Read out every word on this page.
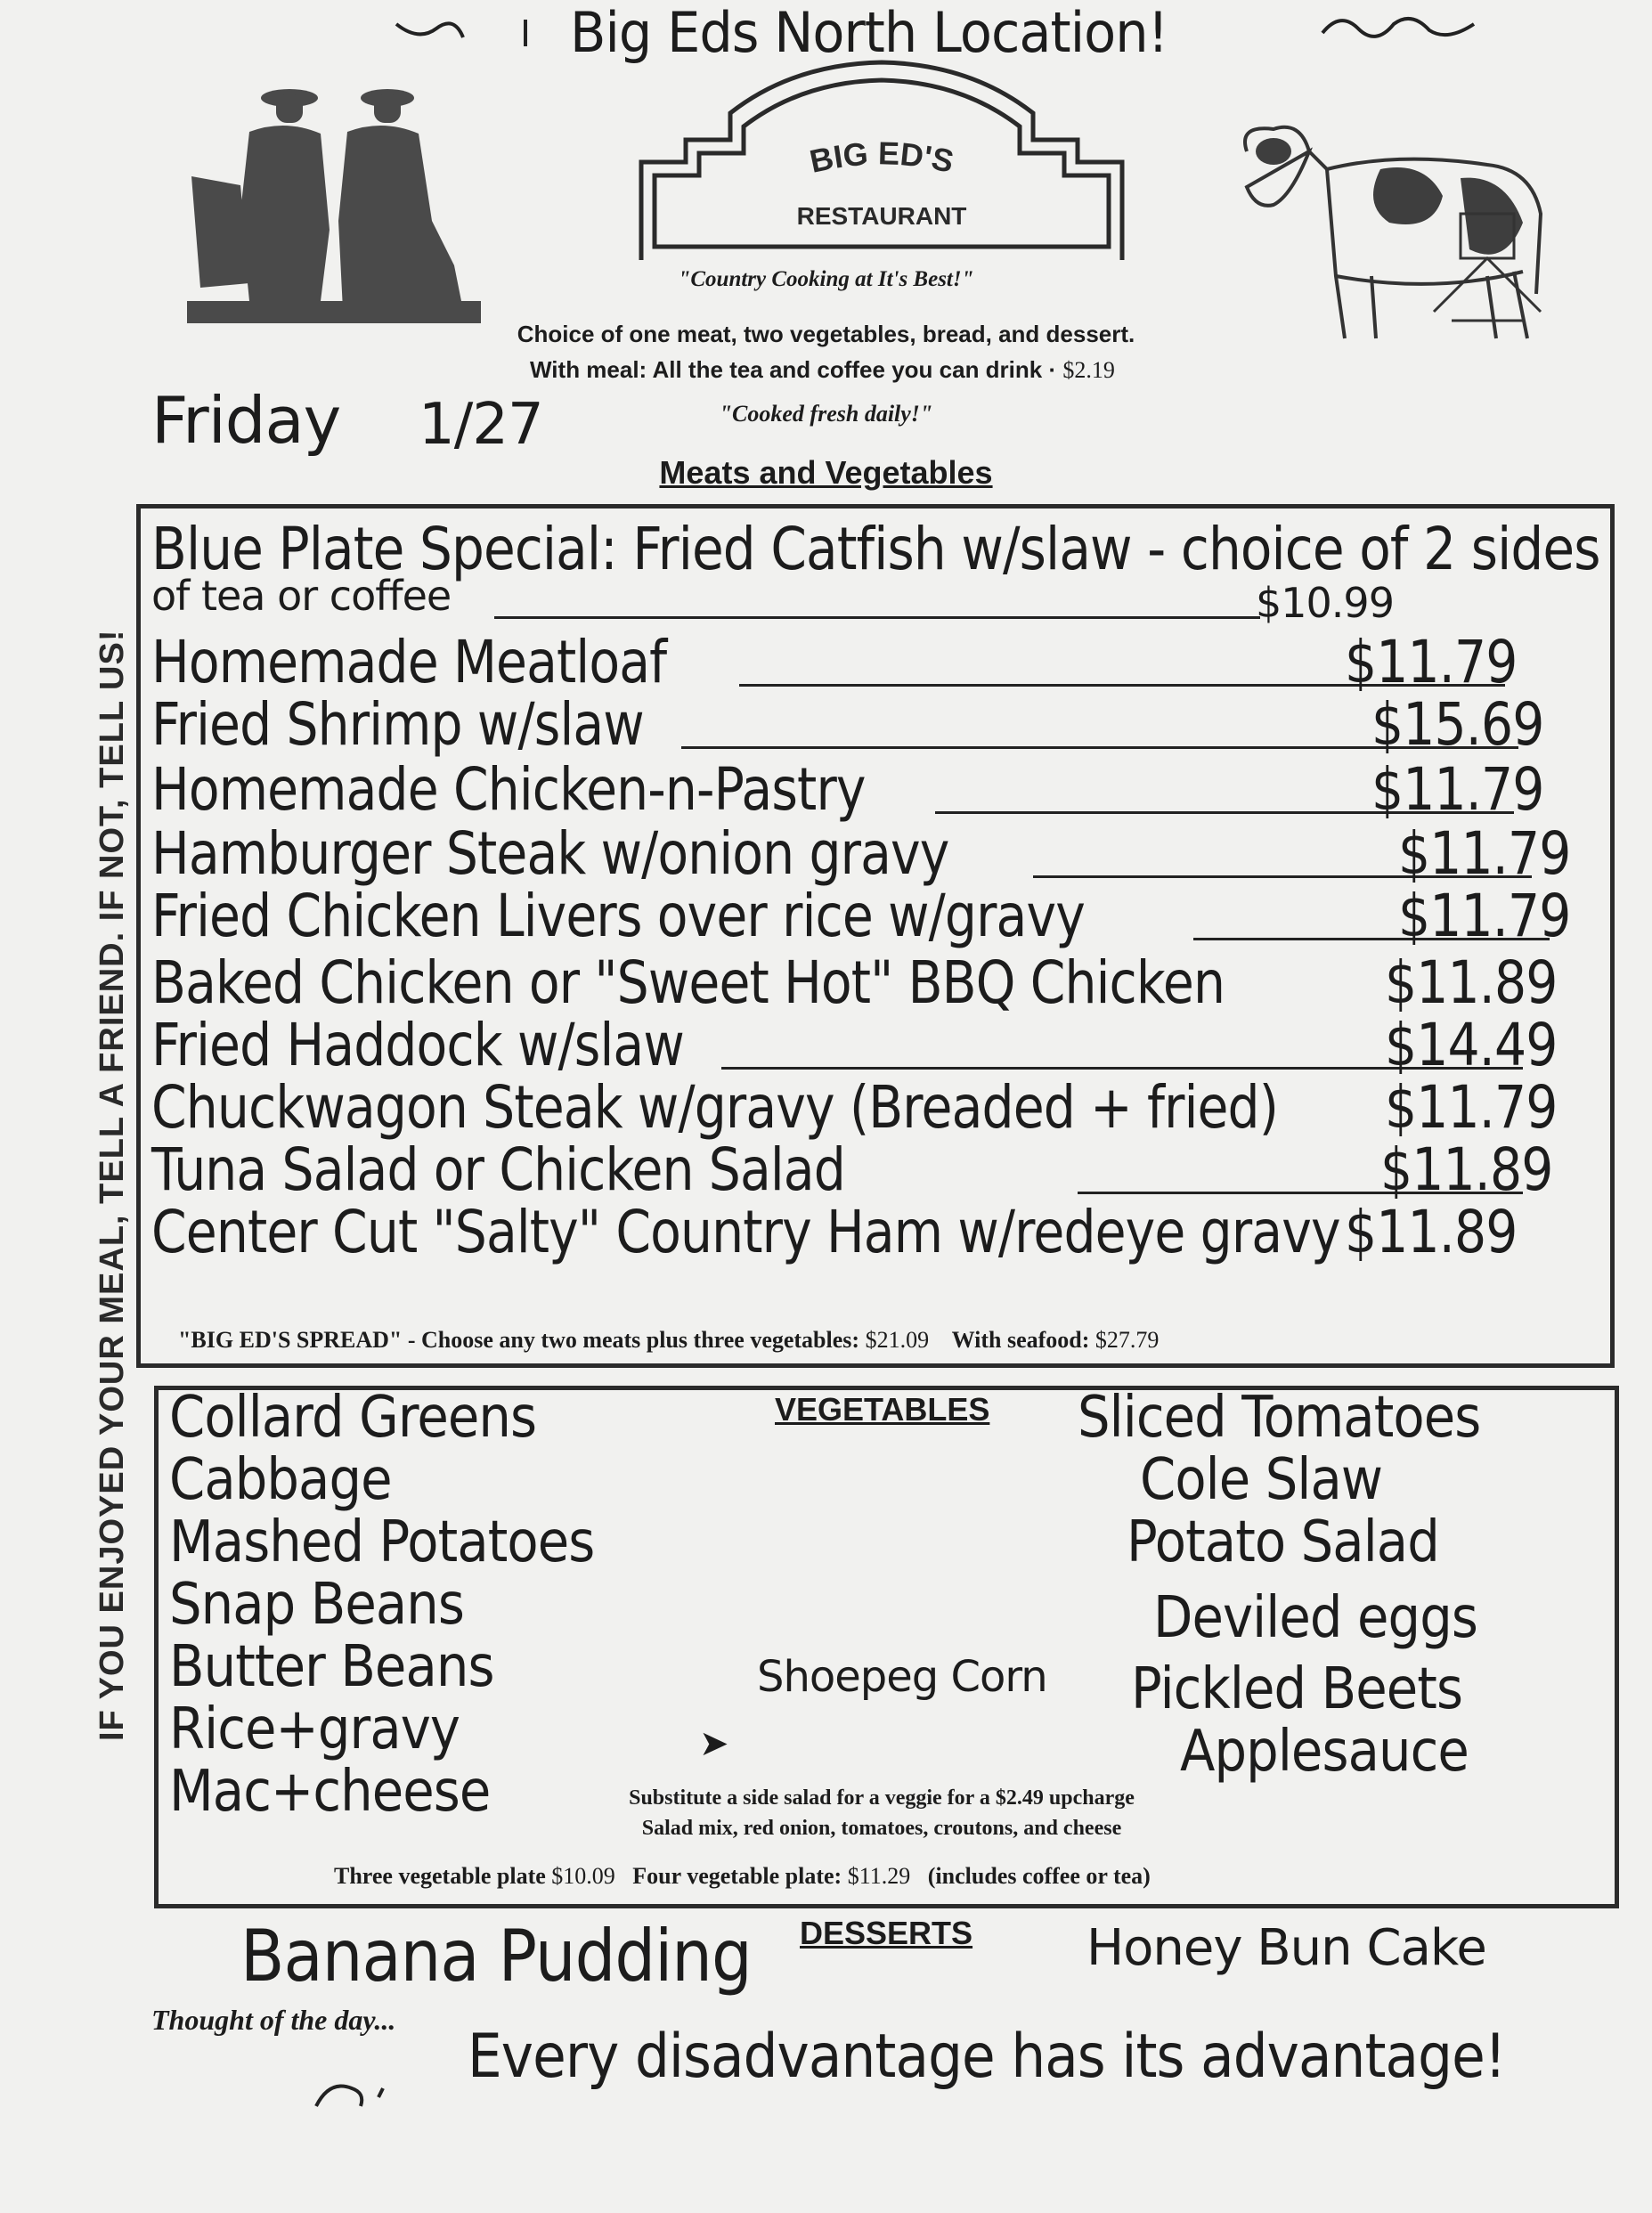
Big Eds North Location!
BIG ED'S
RESTAURANT
"Country Cooking at It's Best!"
Choice of one meat, two vegetables, bread, and dessert.
With meal: All the tea and coffee you can drink · $2.19
Friday 1/27	"Cooked fresh daily!"
Meats and Vegetables
IF YOU ENJOYED YOUR MEAL, TELL A FRIEND. IF NOT, TELL US!
Blue Plate Special: Fried Catfish w/slaw - choice of 2 sides
of tea or coffee	$10.99
Homemade Meatloaf	$11.79
Fried Shrimp w/slaw	$15.69
Homemade Chicken-n-Pastry	$11.79
Hamburger Steak w/onion gravy	$11.79
Fried Chicken Livers over rice w/gravy	$11.79
Baked Chicken or "Sweet Hot" BBQ Chicken	$11.89
Fried Haddock w/slaw	$14.49
Chuckwagon Steak w/gravy (Breaded + fried) $11.79
Tuna Salad or Chicken Salad	$11.89
Center Cut "Salty" Country Ham w/redeye gravy $11.89
"BIG ED'S SPREAD" - Choose any two meats plus three vegetables: $21.09 With seafood: $27.79
VEGETABLES
Collard Greens
Cabbage
Mashed Potatoes
Snap Beans
Butter Beans
Rice+gravy
Mac+cheese
Shoepeg Corn
➤
Sliced Tomatoes
Cole Slaw
Potato Salad
Deviled eggs
Pickled Beets
Applesauce
Substitute a side salad for a veggie for a $2.49 upcharge
Salad mix, red onion, tomatoes, croutons, and cheese
Three vegetable plate $10.09 Four vegetable plate: $11.29 (includes coffee or tea)
Banana Pudding DESSERTS Honey Bun Cake
Thought of the day...
Every disadvantage has its advantage!
